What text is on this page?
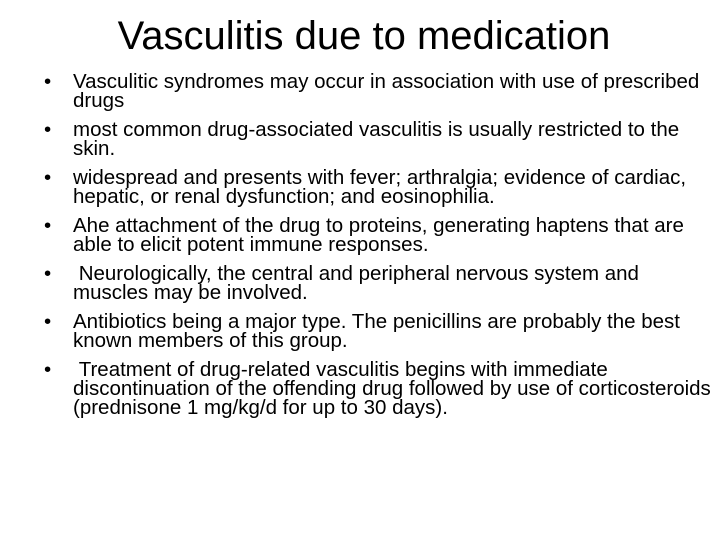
Vasculitis due to medication
•	Vasculitic syndromes may occur in association with use of prescribed drugs
•	most common drug-associated vasculitis is usually restricted to the skin.
•	widespread and presents with fever; arthralgia; evidence of cardiac, hepatic, or renal dysfunction; and eosinophilia.
•	Ahe attachment of the drug to proteins, generating haptens that are able to elicit potent immune responses.
•	Neurologically, the central and peripheral nervous system and muscles may be involved.
•	Antibiotics being a major type. The penicillins are probably the best known members of this group.
•	Treatment of drug-related vasculitis begins with immediate discontinuation of the offending drug followed by use of corticosteroids (prednisone 1 mg/kg/d for up to 30 days).
